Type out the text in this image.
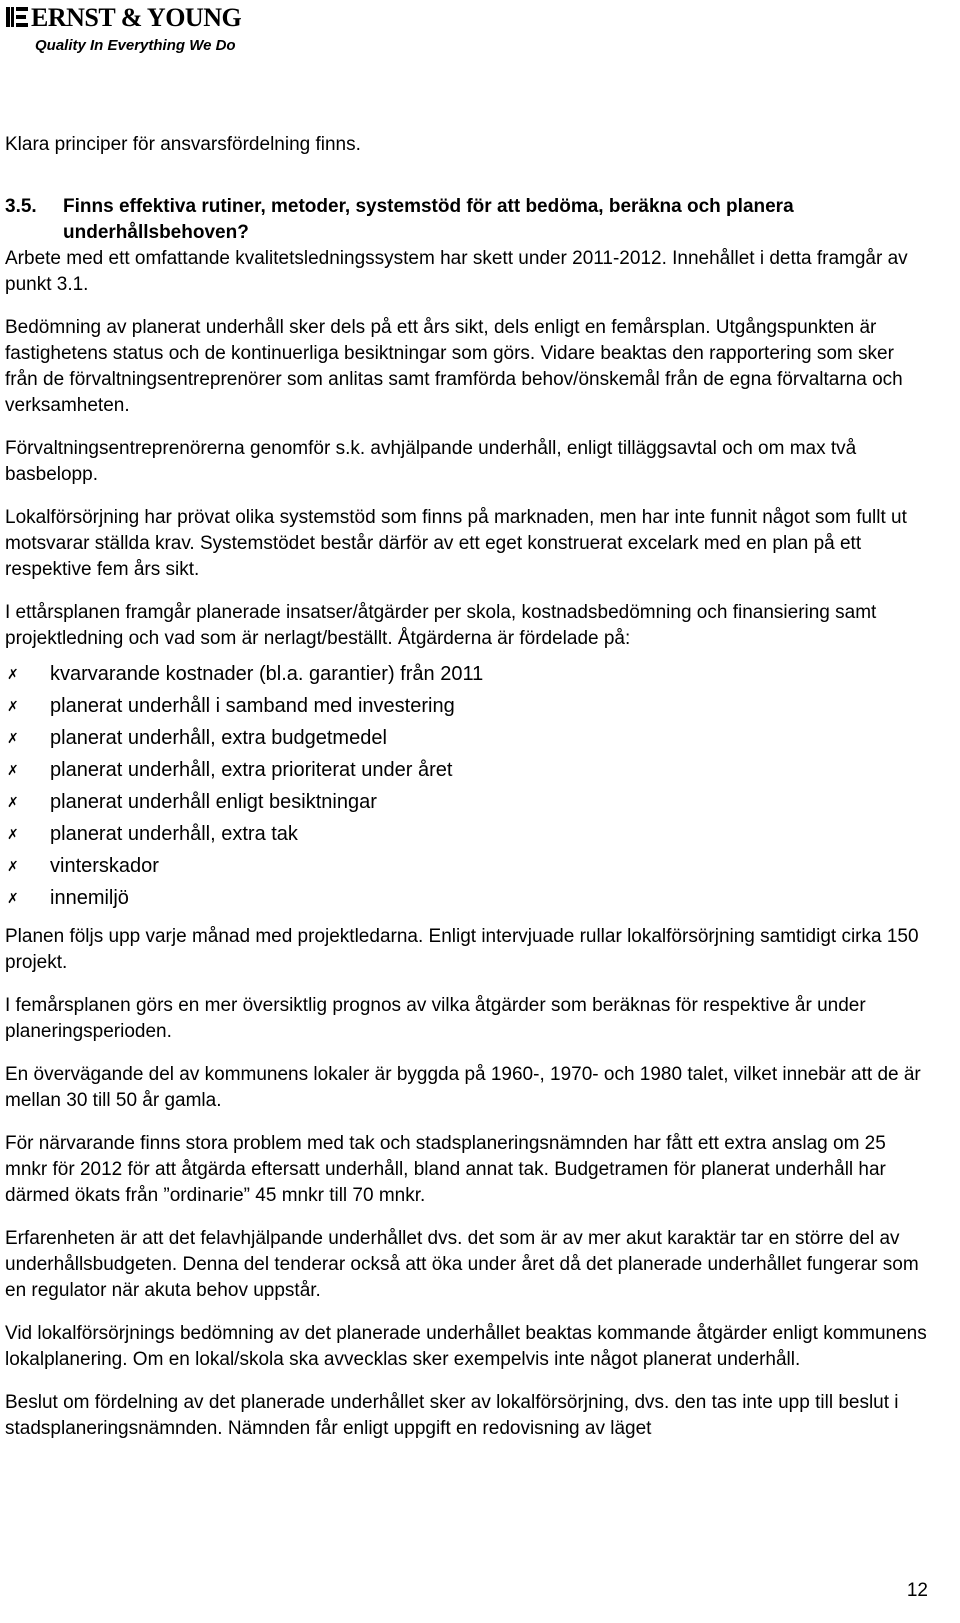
ERNST & YOUNG
Quality In Everything We Do

Klara principer för ansvarsfördelning finns.

3.5.	Finns effektiva rutiner, metoder, systemstöd för att bedöma, beräkna och planera underhållsbehoven?

Arbete med ett omfattande kvalitetsledningssystem har skett under 2011-2012. Innehållet i detta framgår av punkt 3.1.

Bedömning av planerat underhåll sker dels på ett års sikt, dels enligt en femårsplan. Utgångspunkten är fastighetens status och de kontinuerliga besiktningar som görs. Vidare beaktas den rapportering som sker från de förvaltningsentreprenörer som anlitas samt framförda behov/önskemål från de egna förvaltarna och verksamheten.

Förvaltningsentreprenörerna genomför s.k. avhjälpande underhåll, enligt tilläggsavtal och om max två basbelopp.

Lokalförsörjning har prövat olika systemstöd som finns på marknaden, men har inte funnit något som fullt ut motsvarar ställda krav. Systemstödet består därför av ett eget konstruerat excelark med en plan på ett respektive fem års sikt.

I ettårsplanen framgår planerade insatser/åtgärder per skola, kostnadsbedömning och finansiering samt projektledning och vad som är nerlagt/beställt. Åtgärderna är fördelade på:

✗	kvarvarande kostnader (bl.a. garantier) från 2011
✗	planerat underhåll i samband med investering
✗	planerat underhåll, extra budgetmedel
✗	planerat underhåll, extra prioriterat under året
✗	planerat underhåll enligt besiktningar
✗	planerat underhåll, extra tak
✗	vinterskador
✗	innemiljö

Planen följs upp varje månad med projektledarna. Enligt intervjuade rullar lokalförsörjning samtidigt cirka 150 projekt.

I femårsplanen görs en mer översiktlig prognos av vilka åtgärder som beräknas för respektive år under planeringsperioden.

En övervägande del av kommunens lokaler är byggda på 1960-, 1970- och 1980 talet, vilket innebär att de är mellan 30 till 50 år gamla.

För närvarande finns stora problem med tak och stadsplaneringsnämnden har fått ett extra anslag om 25 mnkr för 2012 för att åtgärda eftersatt underhåll, bland annat tak. Budgetramen för planerat underhåll har därmed ökats från ”ordinarie” 45 mnkr till 70 mnkr.

Erfarenheten är att det felavhjälpande underhållet dvs. det som är av mer akut karaktär tar en större del av underhållsbudgeten. Denna del tenderar också att öka under året då det planerade underhållet fungerar som en regulator när akuta behov uppstår.

Vid lokalförsörjnings bedömning av det planerade underhållet beaktas kommande åtgärder enligt kommunens lokalplanering. Om en lokal/skola ska avvecklas sker exempelvis inte något planerat underhåll.

Beslut om fördelning av det planerade underhållet sker av lokalförsörjning, dvs. den tas inte upp till beslut i stadsplaneringsnämnden. Nämnden får enligt uppgift en redovisning av läget

12
